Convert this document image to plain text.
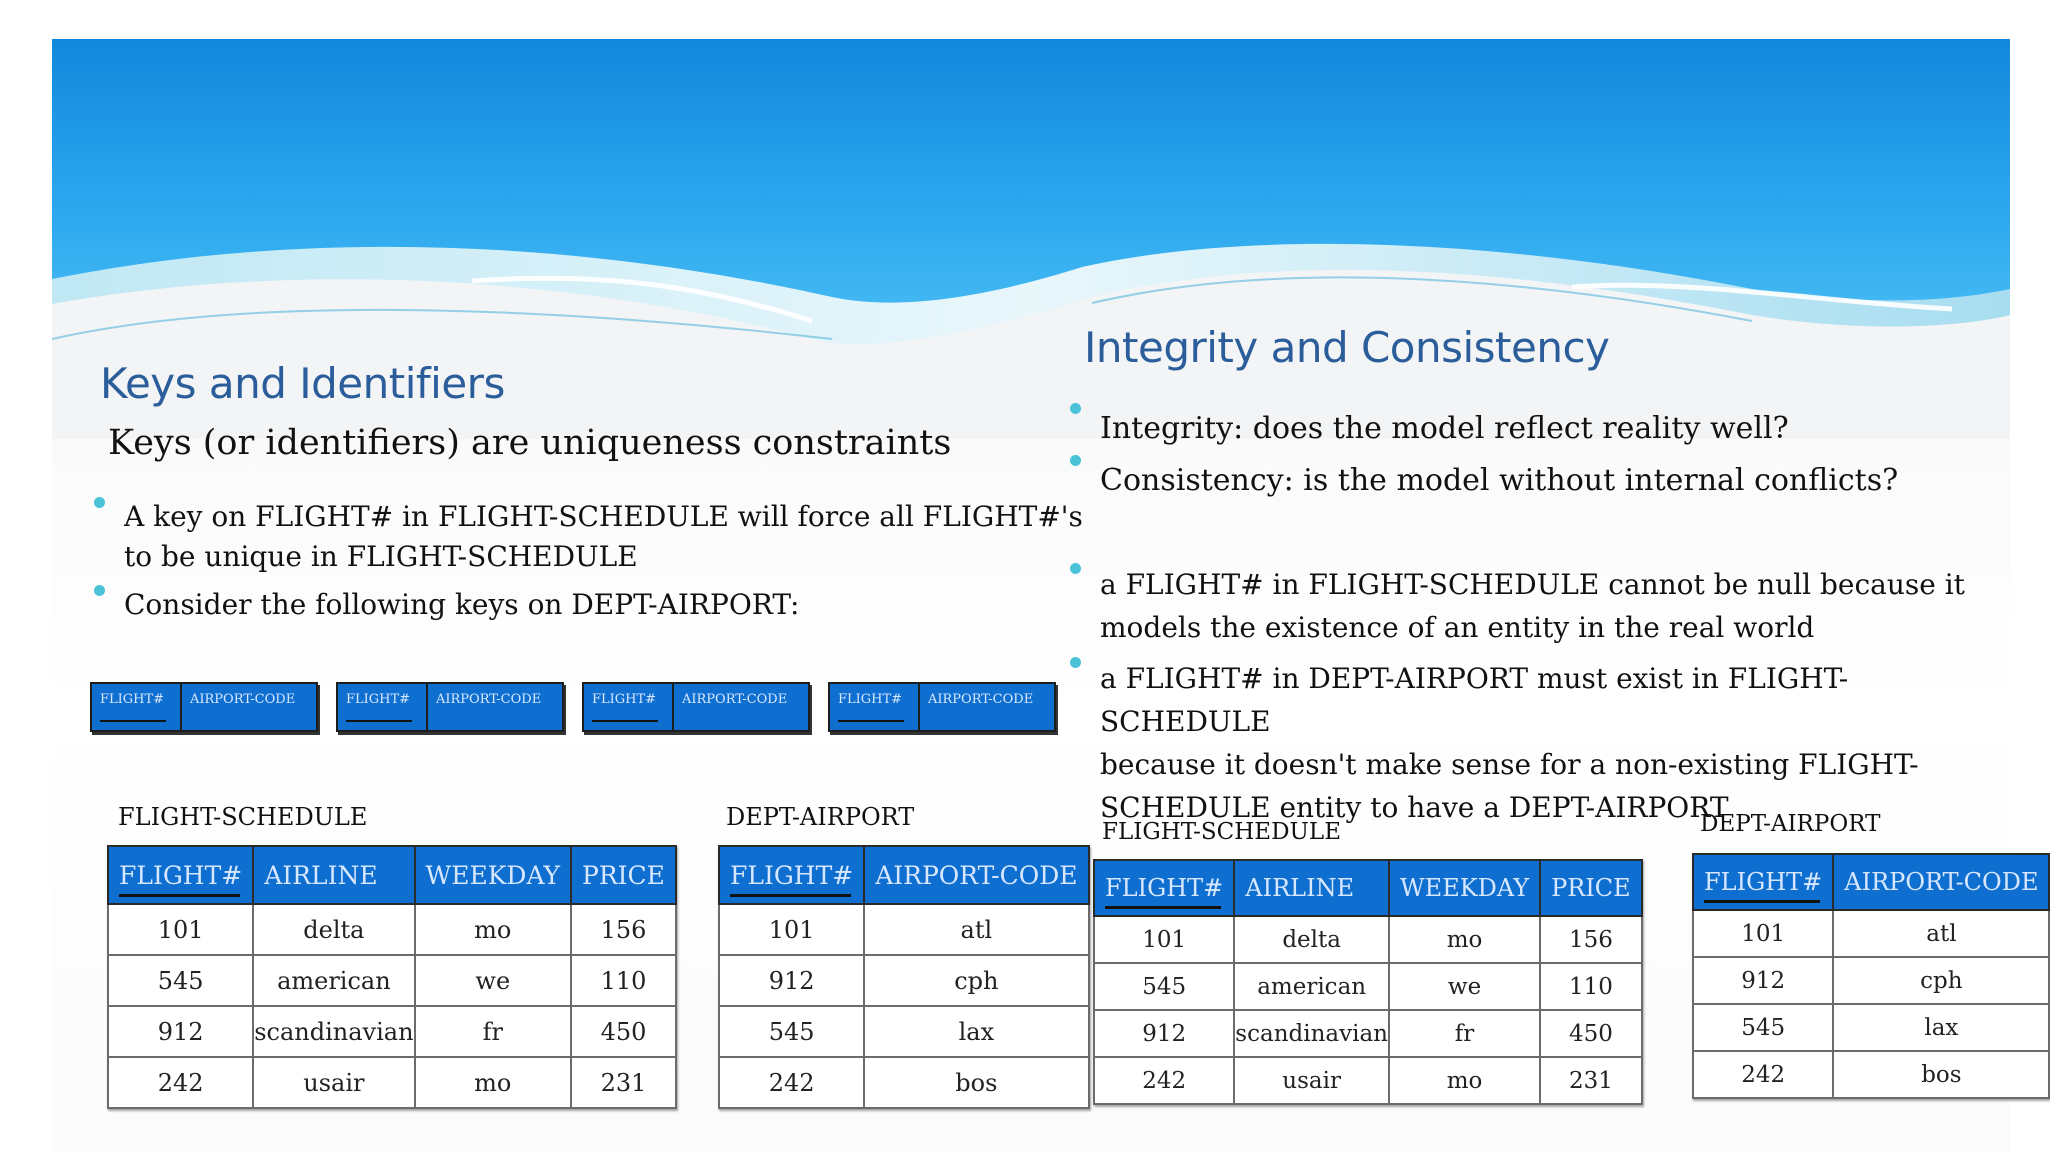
Keys and Identifiers
Keys (or identifiers) are uniqueness constraints
A key on FLIGHT# in FLIGHT-SCHEDULE will force all FLIGHT#'s to be unique in FLIGHT-SCHEDULE
Consider the following keys on DEPT-AIRPORT:
FLIGHT#	AIRPORT-CODE	FLIGHT#	AIRPORT-CODE	FLIGHT#	AIRPORT-CODE	FLIGHT#	AIRPORT-CODE
FLIGHT-SCHEDULE
FLIGHT#	AIRLINE	WEEKDAY	PRICE
101	delta	mo	156
545	american	we	110
912	scandinavian	fr	450
242	usair	mo	231
DEPT-AIRPORT
FLIGHT#	AIRPORT-CODE
101	atl
912	cph
545	lax
242	bos
Integrity and Consistency
Integrity: does the model reflect reality well?
Consistency: is the model without internal conflicts?
a FLIGHT# in FLIGHT-SCHEDULE cannot be null because it
models the existence of an entity in the real world
a FLIGHT# in DEPT-AIRPORT must exist in FLIGHT-SCHEDULE
because it doesn't make sense for a non-existing FLIGHT-
SCHEDULE entity to have a DEPT-AIRPORT
FLIGHT-SCHEDULE
FLIGHT#	AIRLINE	WEEKDAY	PRICE
101	delta	mo	156
545	american	we	110
912	scandinavian	fr	450
242	usair	mo	231
DEPT-AIRPORT
FLIGHT#	AIRPORT-CODE
101	atl
912	cph
545	lax
242	bos
